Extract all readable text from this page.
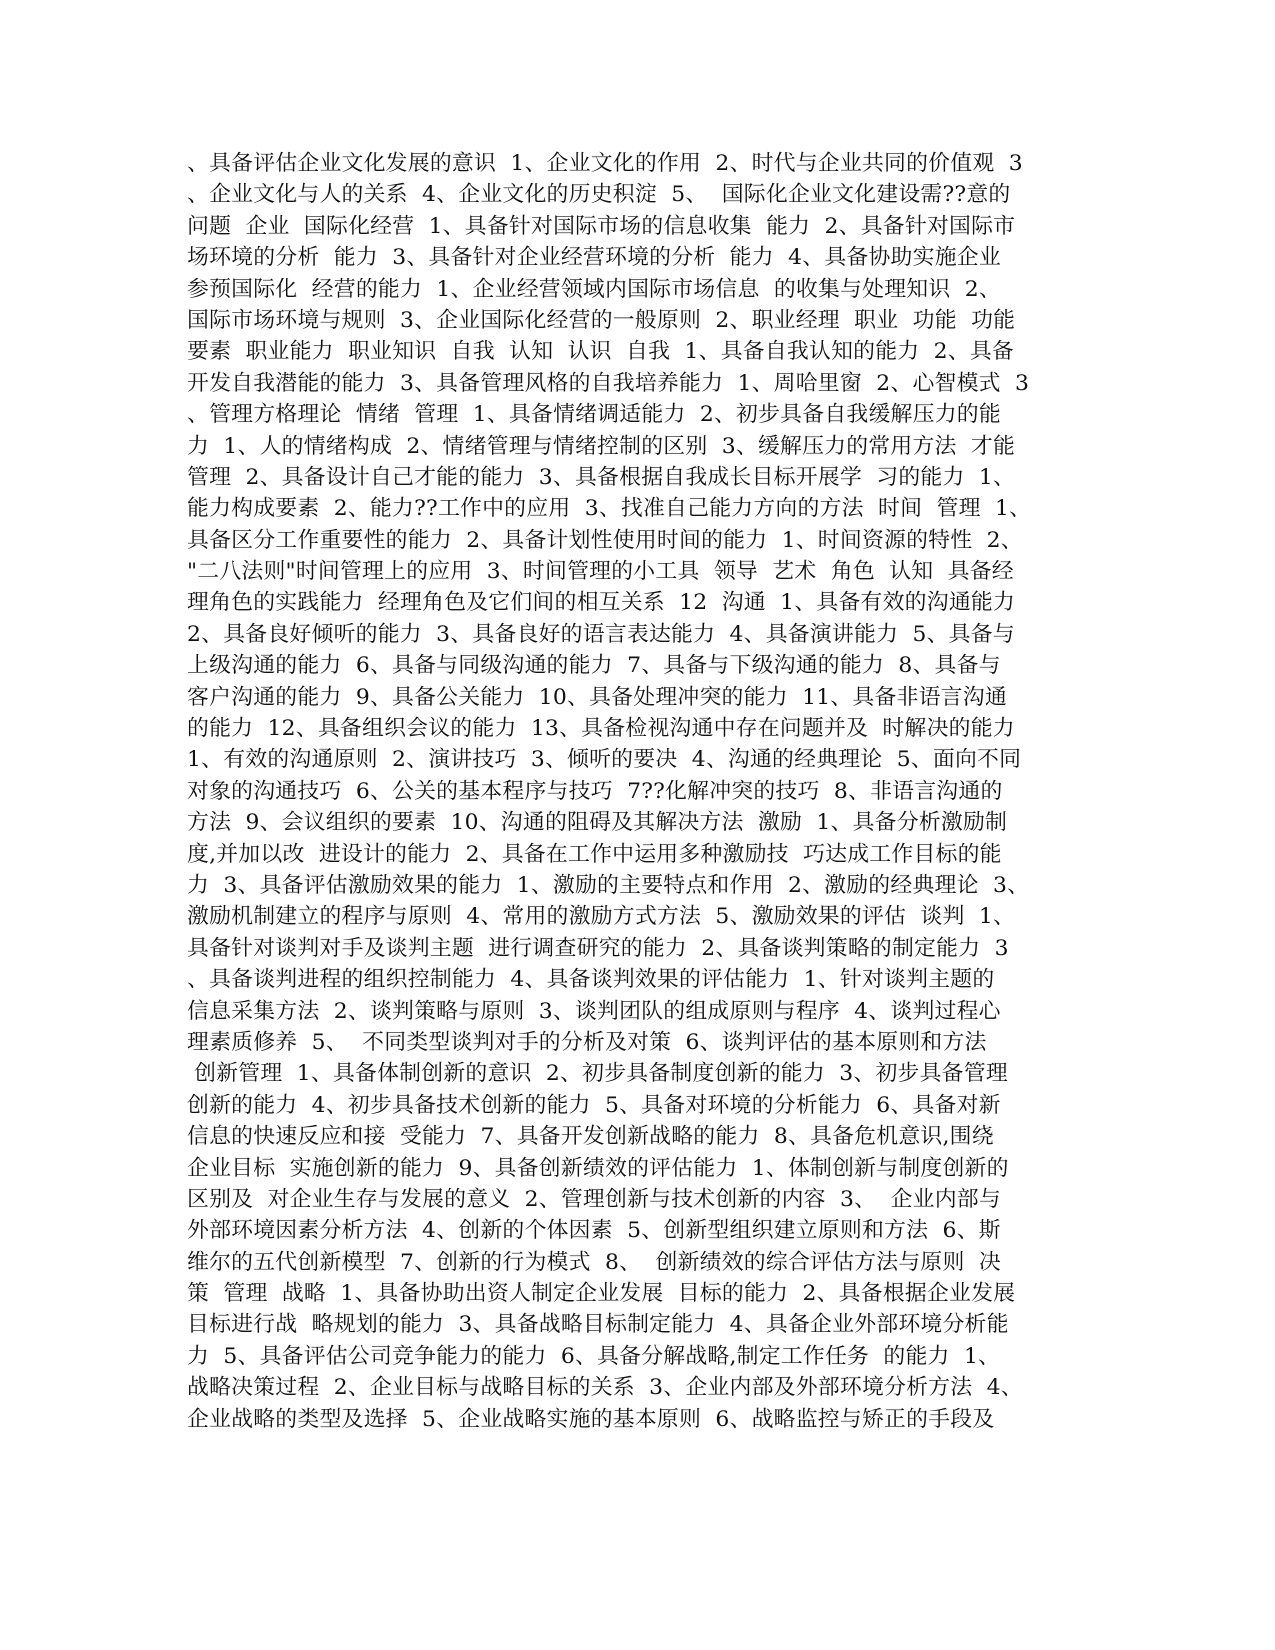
、具备评估企业文化发展的意识  1、企业文化的作用  2、时代与企业共同的价值观  3
、企业文化与人的关系  4、企业文化的历史积淀  5、  国际化企业文化建设需??意的
问题  企业  国际化经营  1、具备针对国际市场的信息收集  能力  2、具备针对国际市
场环境的分析  能力  3、具备针对企业经营环境的分析  能力  4、具备协助实施企业
参预国际化  经营的能力  1、企业经营领域内国际市场信息  的收集与处理知识  2、
国际市场环境与规则  3、企业国际化经营的一般原则  2、职业经理  职业  功能  功能
要素  职业能力  职业知识  自我  认知  认识  自我  1、具备自我认知的能力  2、具备
开发自我潜能的能力  3、具备管理风格的自我培养能力  1、周哈里窗  2、心智模式  3
、管理方格理论  情绪  管理  1、具备情绪调适能力  2、初步具备自我缓解压力的能
力  1、人的情绪构成  2、情绪管理与情绪控制的区别  3、缓解压力的常用方法  才能
管理  2、具备设计自己才能的能力  3、具备根据自我成长目标开展学  习的能力  1、
能力构成要素  2、能力??工作中的应用  3、找准自己能力方向的方法  时间  管理  1、
具备区分工作重要性的能力  2、具备计划性使用时间的能力  1、时间资源的特性  2、
"二八法则"时间管理上的应用  3、时间管理的小工具  领导  艺术  角色  认知  具备经
理角色的实践能力  经理角色及它们间的相互关系  12  沟通  1、具备有效的沟通能力
2、具备良好倾听的能力  3、具备良好的语言表达能力  4、具备演讲能力  5、具备与
上级沟通的能力  6、具备与同级沟通的能力  7、具备与下级沟通的能力  8、具备与
客户沟通的能力  9、具备公关能力  10、具备处理冲突的能力  11、具备非语言沟通
的能力  12、具备组织会议的能力  13、具备检视沟通中存在问题并及  时解决的能力
1、有效的沟通原则  2、演讲技巧  3、倾听的要决  4、沟通的经典理论  5、面向不同
对象的沟通技巧  6、公关的基本程序与技巧  7??化解冲突的技巧  8、非语言沟通的
方法  9、会议组织的要素  10、沟通的阻碍及其解决方法  激励  1、具备分析激励制
度,并加以改  进设计的能力  2、具备在工作中运用多种激励技  巧达成工作目标的能
力  3、具备评估激励效果的能力  1、激励的主要特点和作用  2、激励的经典理论  3、
激励机制建立的程序与原则  4、常用的激励方式方法  5、激励效果的评估  谈判  1、
具备针对谈判对手及谈判主题  进行调查研究的能力  2、具备谈判策略的制定能力  3
、具备谈判进程的组织控制能力  4、具备谈判效果的评估能力  1、针对谈判主题的
信息采集方法  2、谈判策略与原则  3、谈判团队的组成原则与程序  4、谈判过程心
理素质修养  5、  不同类型谈判对手的分析及对策  6、谈判评估的基本原则和方法
创新管理  1、具备体制创新的意识  2、初步具备制度创新的能力  3、初步具备管理
创新的能力  4、初步具备技术创新的能力  5、具备对环境的分析能力  6、具备对新
信息的快速反应和接  受能力  7、具备开发创新战略的能力  8、具备危机意识,围绕
企业目标  实施创新的能力  9、具备创新绩效的评估能力  1、体制创新与制度创新的
区别及  对企业生存与发展的意义  2、管理创新与技术创新的内容  3、  企业内部与
外部环境因素分析方法  4、创新的个体因素  5、创新型组织建立原则和方法  6、斯
维尔的五代创新模型  7、创新的行为模式  8、  创新绩效的综合评估方法与原则  决
策  管理  战略  1、具备协助出资人制定企业发展  目标的能力  2、具备根据企业发展
目标进行战  略规划的能力  3、具备战略目标制定能力  4、具备企业外部环境分析能
力  5、具备评估公司竞争能力的能力  6、具备分解战略,制定工作任务  的能力  1、
战略决策过程  2、企业目标与战略目标的关系  3、企业内部及外部环境分析方法  4、
企业战略的类型及选择  5、企业战略实施的基本原则  6、战略监控与矫正的手段及
